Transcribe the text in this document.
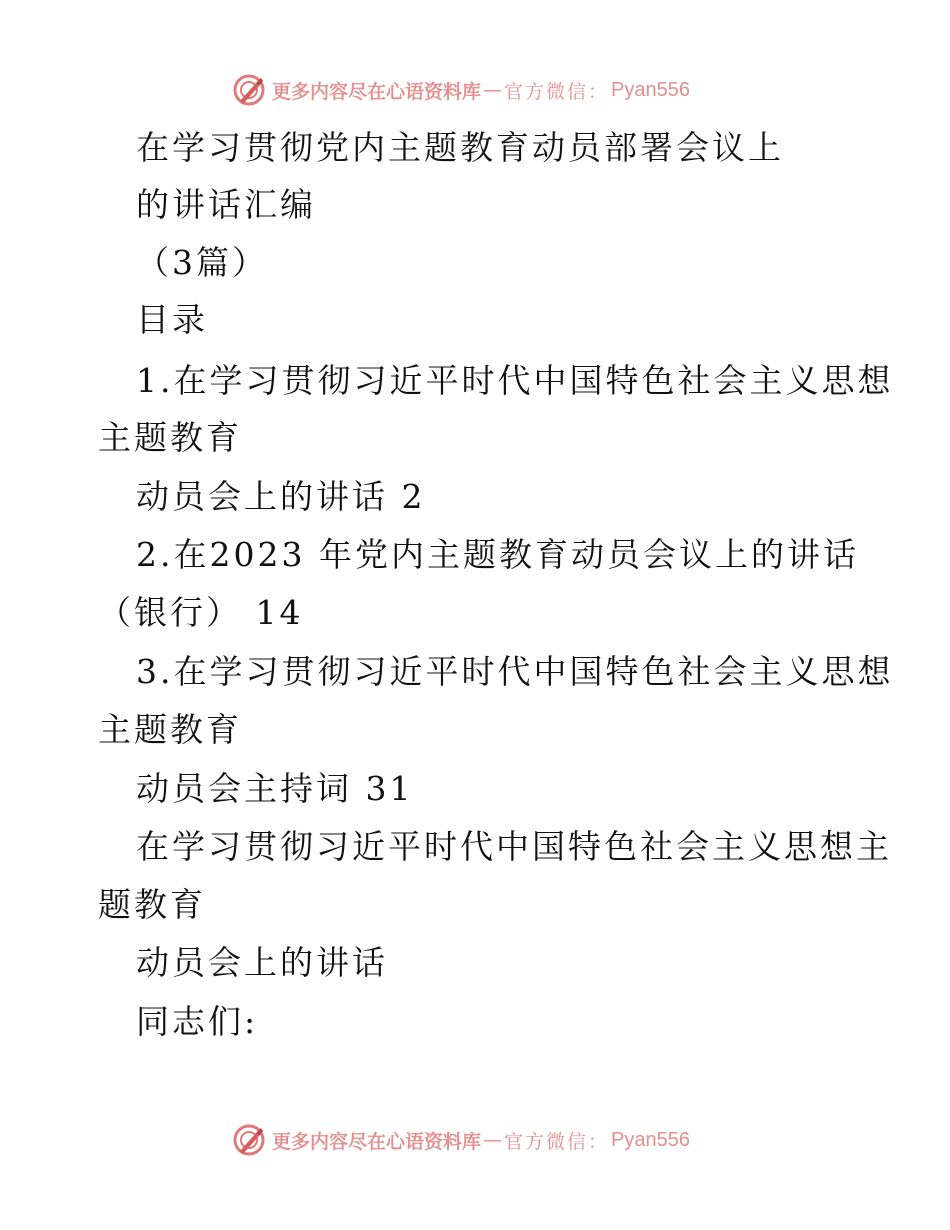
更多内容尽在心语资料库 — 官方微信： Pyan556
在学习贯彻党内主题教育动员部署会议上
的讲话汇编
（3篇）
目录
1.在学习贯彻习近平时代中国特色社会主义思想
主题教育
动员会上的讲话 2
2.在2023 年党内主题教育动员会议上的讲话
（银行） 14
3.在学习贯彻习近平时代中国特色社会主义思想
主题教育
动员会主持词 31
在学习贯彻习近平时代中国特色社会主义思想主
题教育
动员会上的讲话
同志们:
更多内容尽在心语资料库 — 官方微信： Pyan556
